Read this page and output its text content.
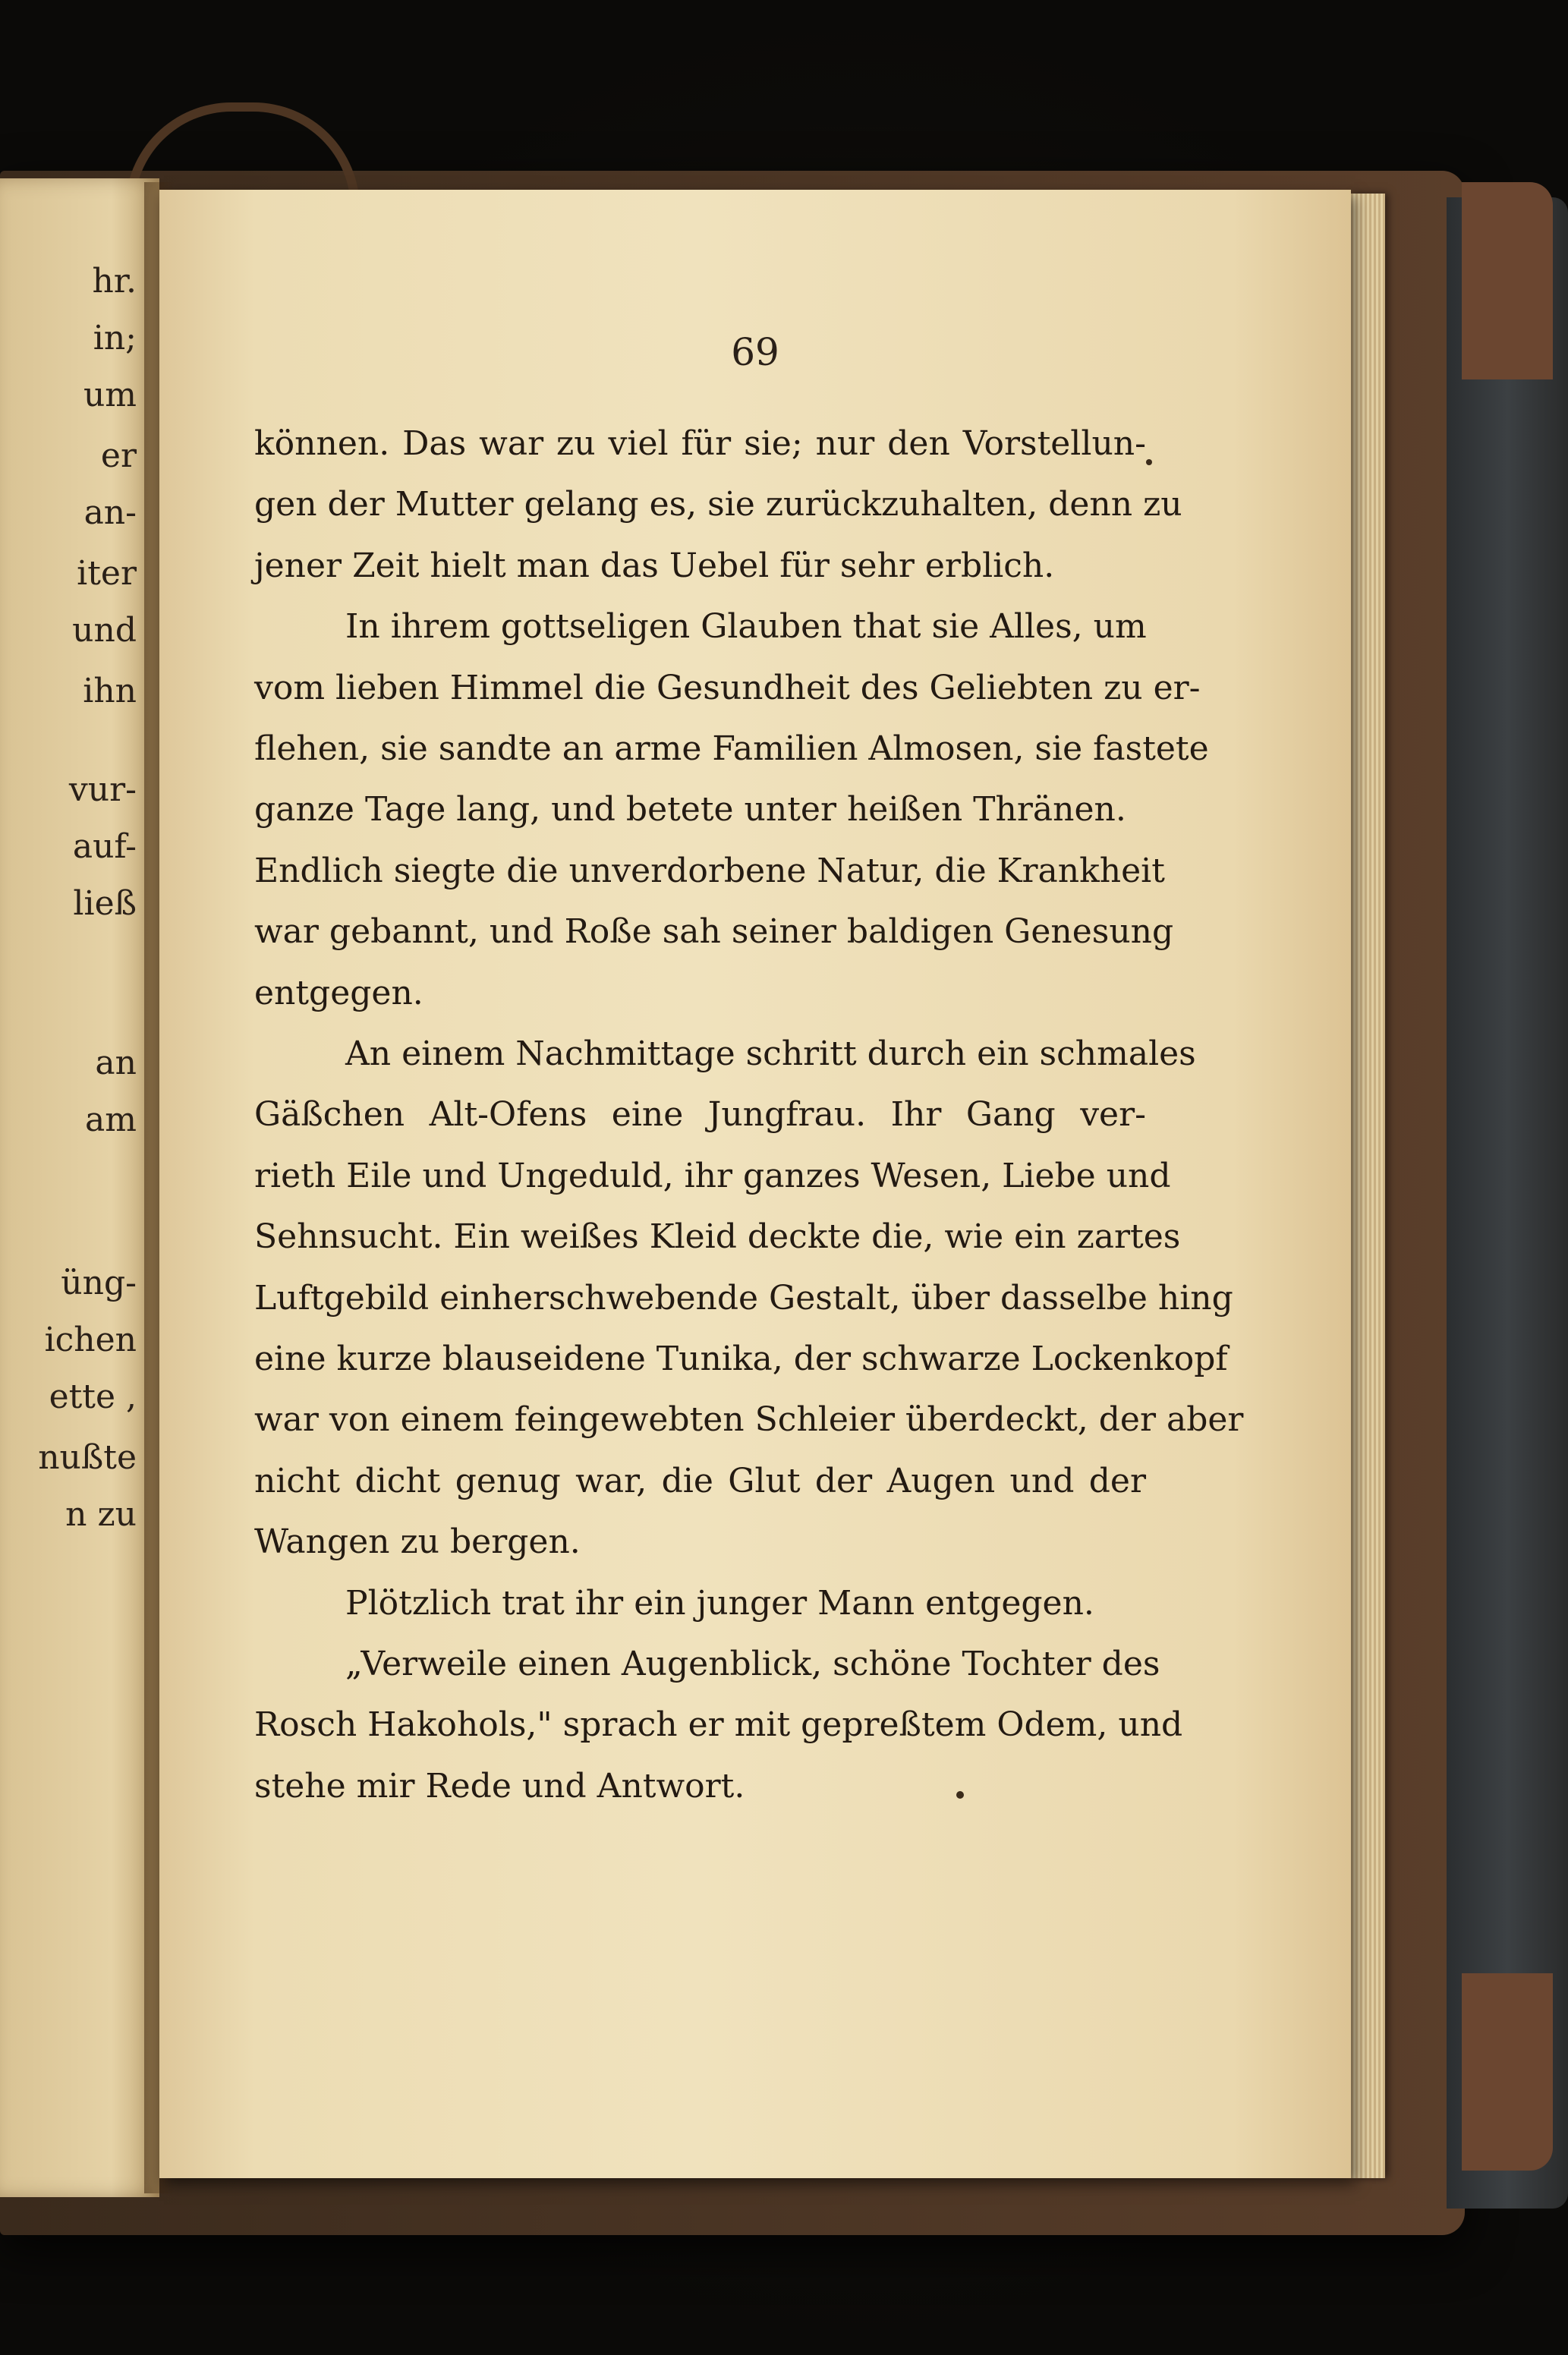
hr.
in;
um
er
an-
iter
und
ihn
vur-
auf-
ließ
an
am
üng-
ichen
ette ,
nußte
n zu
69
können. Das war zu viel für sie; nur den Vorstellun-
gen der Mutter gelang es, sie zurückzuhalten, denn zu
jener Zeit hielt man das Uebel für sehr erblich.
In ihrem gottseligen Glauben that sie Alles, um
vom lieben Himmel die Gesundheit des Geliebten zu er-
flehen, sie sandte an arme Familien Almosen, sie fastete
ganze Tage lang, und betete unter heißen Thränen.
Endlich siegte die unverdorbene Natur, die Krankheit
war gebannt, und Roße sah seiner baldigen Genesung
entgegen.
An einem Nachmittage schritt durch ein schmales
Gäßchen Alt-Ofens eine Jungfrau. Ihr Gang ver-
rieth Eile und Ungeduld, ihr ganzes Wesen, Liebe und
Sehnsucht. Ein weißes Kleid deckte die, wie ein zartes
Luftgebild einherschwebende Gestalt, über dasselbe hing
eine kurze blauseidene Tunika, der schwarze Lockenkopf
war von einem feingewebten Schleier überdeckt, der aber
nicht dicht genug war, die Glut der Augen und der
Wangen zu bergen.
Plötzlich trat ihr ein junger Mann entgegen.
„Verweile einen Augenblick, schöne Tochter des
Rosch Hakohols," sprach er mit gepreßtem Odem, und
stehe mir Rede und Antwort.
